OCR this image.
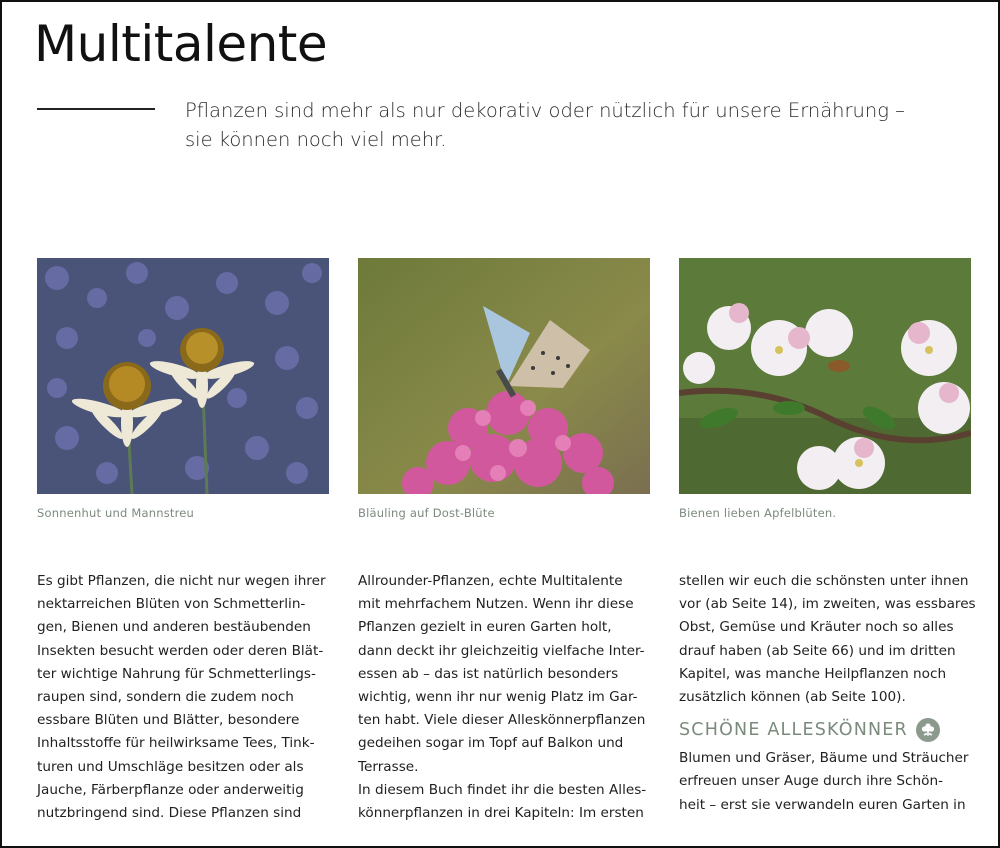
Multitalente

Pflanzen sind mehr als nur dekorativ oder nützlich für unsere Ernährung –
sie können noch viel mehr.

Sonnenhut und Mannstreu	Bläuling auf Dost-Blüte	Bienen lieben Apfelblüten.

Es gibt Pflanzen, die nicht nur wegen ihrer
nektarreichen Blüten von Schmetterlin-
gen, Bienen und anderen bestäubenden
Insekten besucht werden oder deren Blät-
ter wichtige Nahrung für Schmetterlings-
raupen sind, sondern die zudem noch
essbare Blüten und Blätter, besondere
Inhaltsstoffe für heilwirksame Tees, Tink-
turen und Umschläge besitzen oder als
Jauche, Färberpflanze oder anderweitig
nutzbringend sind. Diese Pflanzen sind

Allrounder-Pflanzen, echte Multitalente
mit mehrfachem Nutzen. Wenn ihr diese
Pflanzen gezielt in euren Garten holt,
dann deckt ihr gleichzeitig vielfache Inter-
essen ab – das ist natürlich besonders
wichtig, wenn ihr nur wenig Platz im Gar-
ten habt. Viele dieser Alleskönnerpflanzen
gedeihen sogar im Topf auf Balkon und
Terrasse.
In diesem Buch findet ihr die besten Alles-
könnerpflanzen in drei Kapiteln: Im ersten

stellen wir euch die schönsten unter ihnen
vor (ab Seite 14), im zweiten, was essbares
Obst, Gemüse und Kräuter noch so alles
drauf haben (ab Seite 66) und im dritten
Kapitel, was manche Heilpflanzen noch
zusätzlich können (ab Seite 100).

SCHÖNE ALLESKÖNNER

Blumen und Gräser, Bäume und Sträucher
erfreuen unser Auge durch ihre Schön-
heit – erst sie verwandeln euren Garten in
